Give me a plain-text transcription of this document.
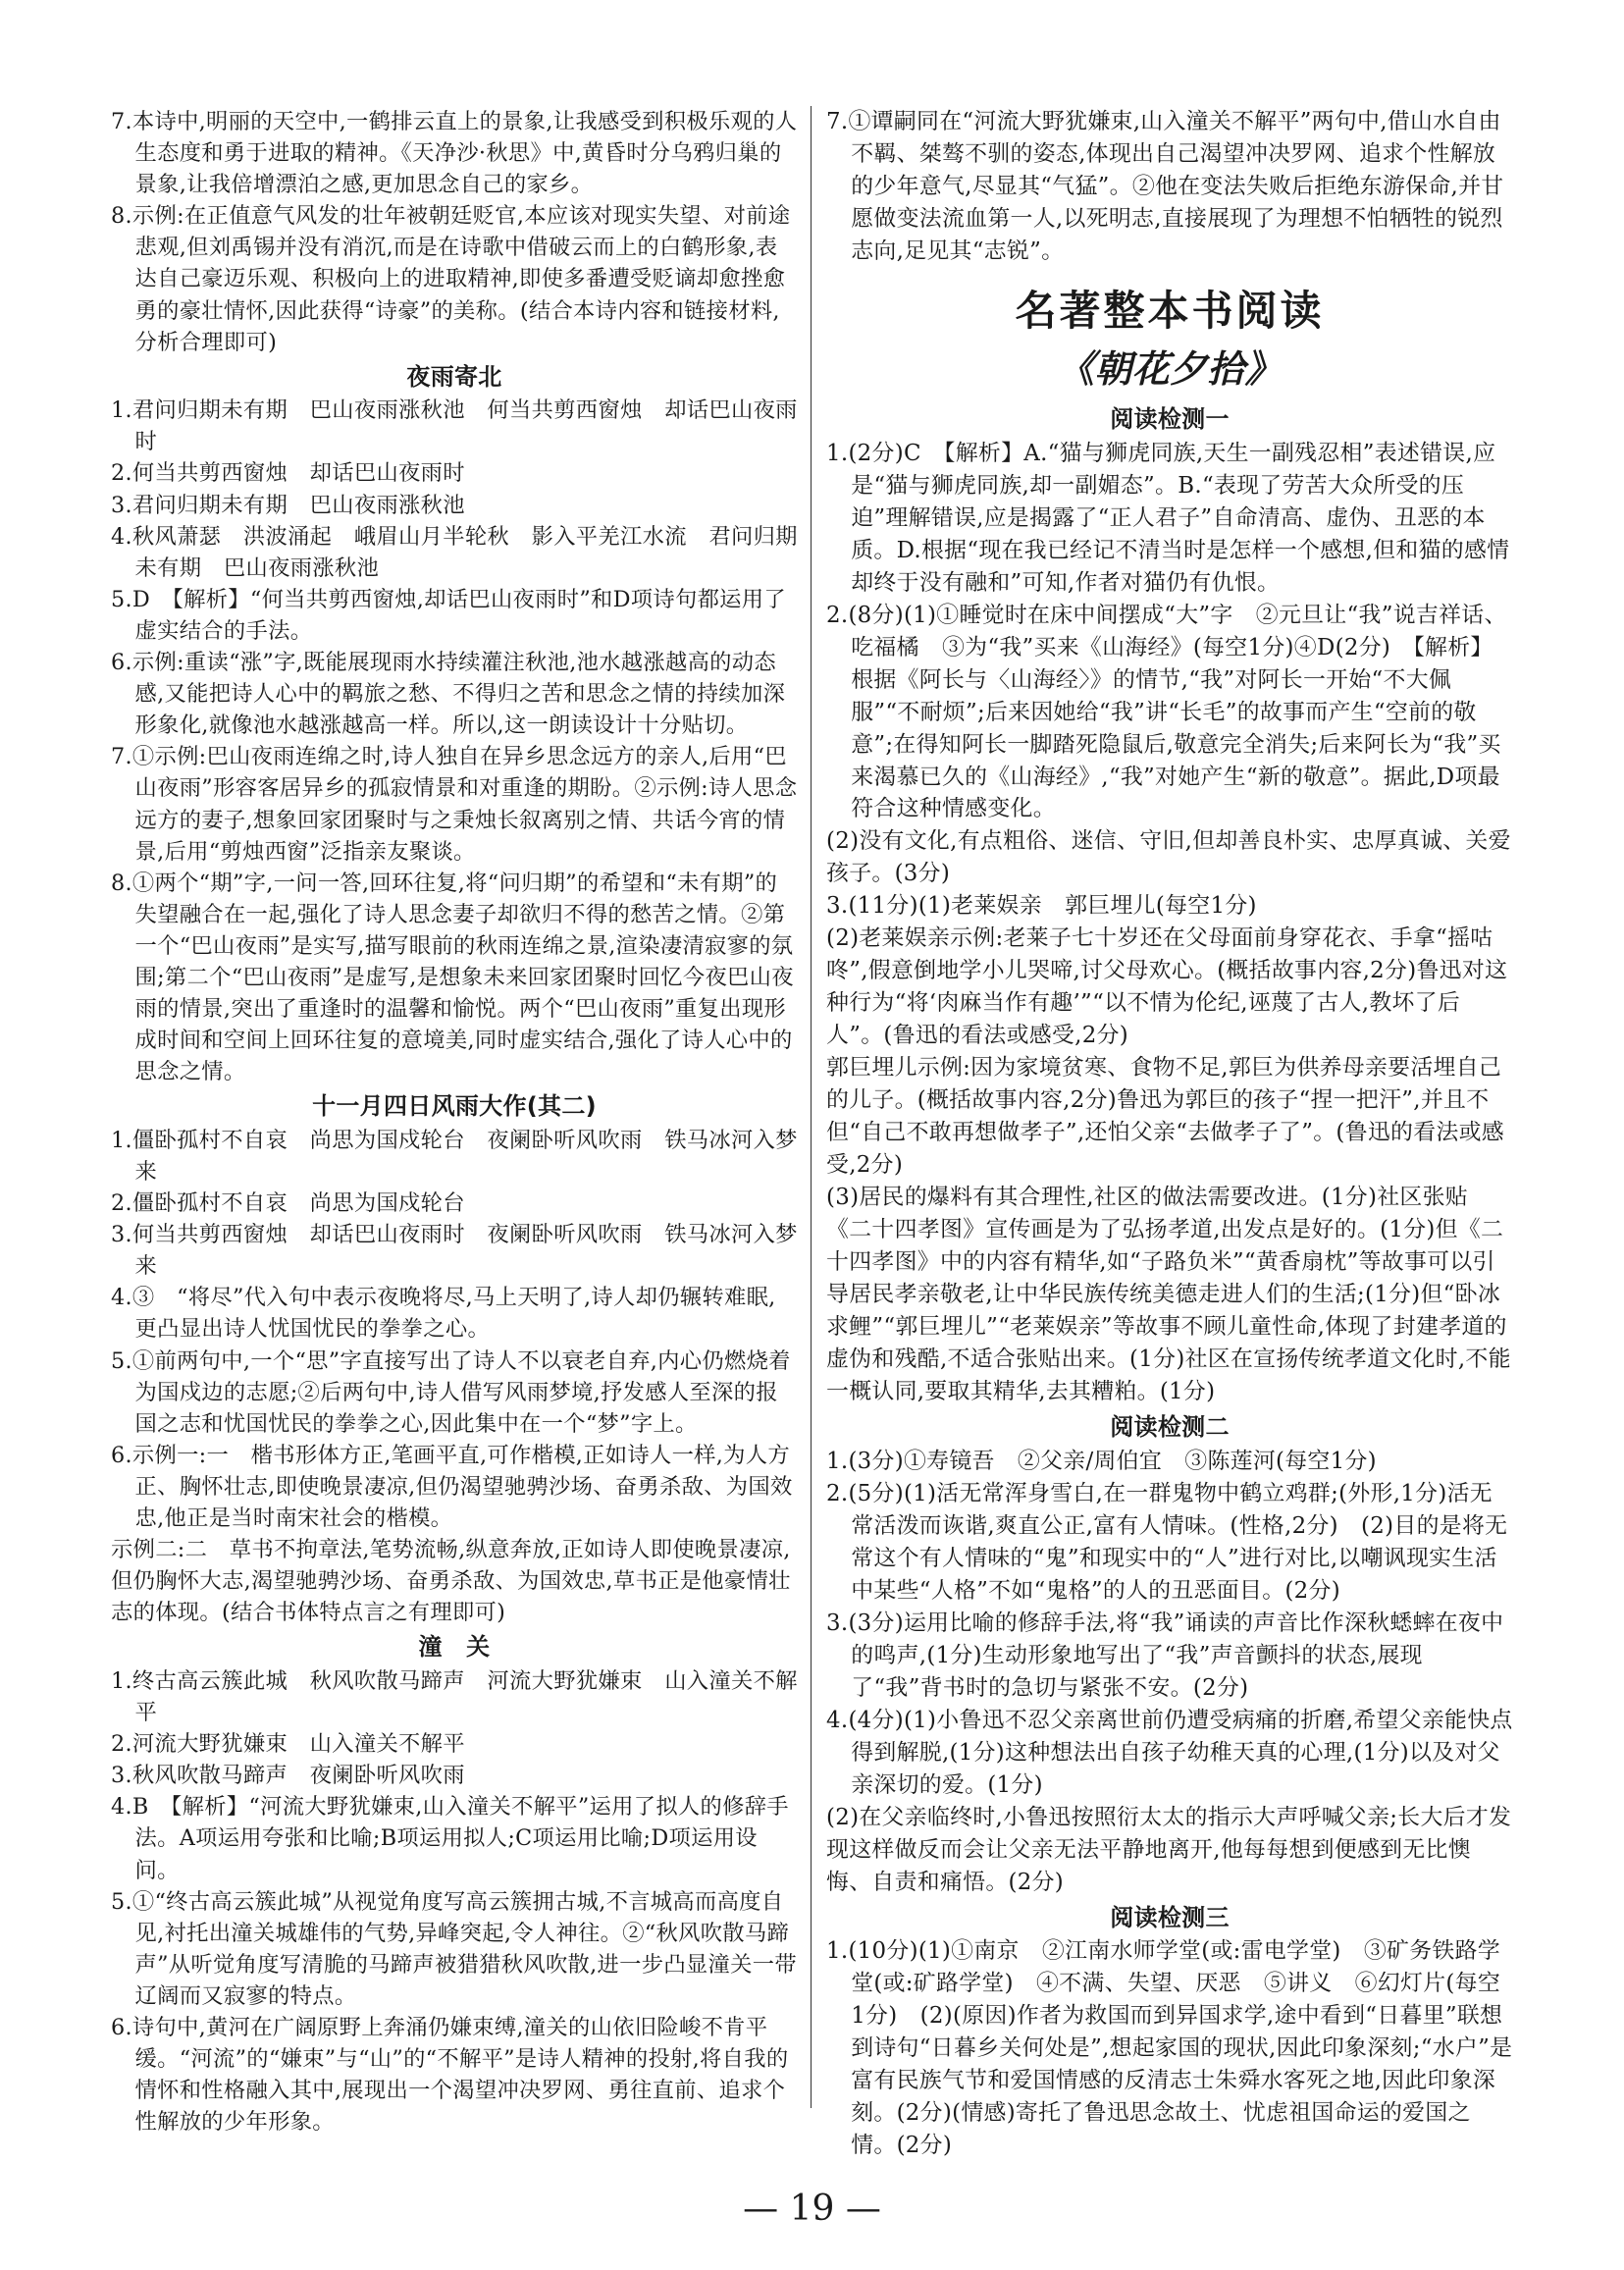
7.本诗中,明丽的天空中,一鹤排云直上的景象,让我感受到积极乐观的人生态度和勇于进取的精神。《天净沙·秋思》中,黄昏时分乌鸦归巢的景象,让我倍增漂泊之感,更加思念自己的家乡。

8.示例:在正值意气风发的壮年被朝廷贬官,本应该对现实失望、对前途悲观,但刘禹锡并没有消沉,而是在诗歌中借破云而上的白鹤形象,表达自己豪迈乐观、积极向上的进取精神,即使多番遭受贬谪却愈挫愈勇的豪壮情怀,因此获得“诗豪”的美称。(结合本诗内容和链接材料,分析合理即可)

夜雨寄北

1.君问归期未有期　巴山夜雨涨秋池　何当共剪西窗烛　却话巴山夜雨时

2.何当共剪西窗烛　却话巴山夜雨时

3.君问归期未有期　巴山夜雨涨秋池

4.秋风萧瑟　洪波涌起　峨眉山月半轮秋　影入平羌江水流　君问归期未有期　巴山夜雨涨秋池

5.D　【解析】“何当共剪西窗烛,却话巴山夜雨时”和D项诗句都运用了虚实结合的手法。

6.示例:重读“涨”字,既能展现雨水持续灌注秋池,池水越涨越高的动态感,又能把诗人心中的羁旅之愁、不得归之苦和思念之情的持续加深形象化,就像池水越涨越高一样。所以,这一朗读设计十分贴切。

7.①示例:巴山夜雨连绵之时,诗人独自在异乡思念远方的亲人,后用“巴山夜雨”形容客居异乡的孤寂情景和对重逢的期盼。②示例:诗人思念远方的妻子,想象回家团聚时与之秉烛长叙离别之情、共话今宵的情景,后用“剪烛西窗”泛指亲友聚谈。

8.①两个“期”字,一问一答,回环往复,将“问归期”的希望和“未有期”的失望融合在一起,强化了诗人思念妻子却欲归不得的愁苦之情。②第一个“巴山夜雨”是实写,描写眼前的秋雨连绵之景,渲染凄清寂寥的氛围;第二个“巴山夜雨”是虚写,是想象未来回家团聚时回忆今夜巴山夜雨的情景,突出了重逢时的温馨和愉悦。两个“巴山夜雨”重复出现形成时间和空间上回环往复的意境美,同时虚实结合,强化了诗人心中的思念之情。

十一月四日风雨大作(其二)

1.僵卧孤村不自哀　尚思为国戍轮台　夜阑卧听风吹雨　铁马冰河入梦来

2.僵卧孤村不自哀　尚思为国戍轮台

3.何当共剪西窗烛　却话巴山夜雨时　夜阑卧听风吹雨　铁马冰河入梦来

4.③　“将尽”代入句中表示夜晚将尽,马上天明了,诗人却仍辗转难眠,更凸显出诗人忧国忧民的拳拳之心。

5.①前两句中,一个“思”字直接写出了诗人不以衰老自弃,内心仍燃烧着为国戍边的志愿;②后两句中,诗人借写风雨梦境,抒发感人至深的报国之志和忧国忧民的拳拳之心,因此集中在一个“梦”字上。

6.示例一:一　楷书形体方正,笔画平直,可作楷模,正如诗人一样,为人方正、胸怀壮志,即使晚景凄凉,但仍渴望驰骋沙场、奋勇杀敌、为国效忠,他正是当时南宋社会的楷模。

示例二:二　草书不拘章法,笔势流畅,纵意奔放,正如诗人即使晚景凄凉,但仍胸怀大志,渴望驰骋沙场、奋勇杀敌、为国效忠,草书正是他豪情壮志的体现。(结合书体特点言之有理即可)

潼　关

1.终古高云簇此城　秋风吹散马蹄声　河流大野犹嫌束　山入潼关不解平

2.河流大野犹嫌束　山入潼关不解平

3.秋风吹散马蹄声　夜阑卧听风吹雨

4.B　【解析】“河流大野犹嫌束,山入潼关不解平”运用了拟人的修辞手法。A项运用夸张和比喻;B项运用拟人;C项运用比喻;D项运用设问。

5.①“终古高云簇此城”从视觉角度写高云簇拥古城,不言城高而高度自见,衬托出潼关城雄伟的气势,异峰突起,令人神往。②“秋风吹散马蹄声”从听觉角度写清脆的马蹄声被猎猎秋风吹散,进一步凸显潼关一带辽阔而又寂寥的特点。

6.诗句中,黄河在广阔原野上奔涌仍嫌束缚,潼关的山依旧险峻不肯平缓。“河流”的“嫌束”与“山”的“不解平”是诗人精神的投射,将自我的情怀和性格融入其中,展现出一个渴望冲决罗网、勇往直前、追求个性解放的少年形象。

7.①谭嗣同在“河流大野犹嫌束,山入潼关不解平”两句中,借山水自由不羁、桀骜不驯的姿态,体现出自己渴望冲决罗网、追求个性解放的少年意气,尽显其“气猛”。②他在变法失败后拒绝东游保命,并甘愿做变法流血第一人,以死明志,直接展现了为理想不怕牺牲的锐烈志向,足见其“志锐”。

名著整本书阅读
《朝花夕拾》
阅读检测一

1.(2分)C　【解析】A.“猫与狮虎同族,天生一副残忍相”表述错误,应是“猫与狮虎同族,却一副媚态”。B.“表现了劳苦大众所受的压迫”理解错误,应是揭露了“正人君子”自命清高、虚伪、丑恶的本质。D.根据“现在我已经记不清当时是怎样一个感想,但和猫的感情却终于没有融和”可知,作者对猫仍有仇恨。

2.(8分)(1)①睡觉时在床中间摆成“大”字　②元旦让“我”说吉祥话、吃福橘　③为“我”买来《山海经》(每空1分)④D(2分)　【解析】根据《阿长与〈山海经〉》的情节,“我”对阿长一开始“不大佩服”“不耐烦”;后来因她给“我”讲“长毛”的故事而产生“空前的敬意”;在得知阿长一脚踏死隐鼠后,敬意完全消失;后来阿长为“我”买来渴慕已久的《山海经》,“我”对她产生“新的敬意”。据此,D项最符合这种情感变化。

(2)没有文化,有点粗俗、迷信、守旧,但却善良朴实、忠厚真诚、关爱孩子。(3分)

3.(11分)(1)老莱娱亲　郭巨埋儿(每空1分)

(2)老莱娱亲示例:老莱子七十岁还在父母面前身穿花衣、手拿“摇咕咚”,假意倒地学小儿哭啼,讨父母欢心。(概括故事内容,2分)鲁迅对这种行为“将‘肉麻当作有趣’”“以不情为伦纪,诬蔑了古人,教坏了后人”。(鲁迅的看法或感受,2分)

郭巨埋儿示例:因为家境贫寒、食物不足,郭巨为供养母亲要活埋自己的儿子。(概括故事内容,2分)鲁迅为郭巨的孩子“捏一把汗”,并且不但“自己不敢再想做孝子”,还怕父亲“去做孝子了”。(鲁迅的看法或感受,2分)

(3)居民的爆料有其合理性,社区的做法需要改进。(1分)社区张贴《二十四孝图》宣传画是为了弘扬孝道,出发点是好的。(1分)但《二十四孝图》中的内容有精华,如“子路负米”“黄香扇枕”等故事可以引导居民孝亲敬老,让中华民族传统美德走进人们的生活;(1分)但“卧冰求鲤”“郭巨埋儿”“老莱娱亲”等故事不顾儿童性命,体现了封建孝道的虚伪和残酷,不适合张贴出来。(1分)社区在宣扬传统孝道文化时,不能一概认同,要取其精华,去其糟粕。(1分)

阅读检测二

1.(3分)①寿镜吾　②父亲/周伯宜　③陈莲河(每空1分)

2.(5分)(1)活无常浑身雪白,在一群鬼物中鹤立鸡群;(外形,1分)活无常活泼而诙谐,爽直公正,富有人情味。(性格,2分)　(2)目的是将无常这个有人情味的“鬼”和现实中的“人”进行对比,以嘲讽现实生活中某些“人格”不如“鬼格”的人的丑恶面目。(2分)

3.(3分)运用比喻的修辞手法,将“我”诵读的声音比作深秋蟋蟀在夜中的鸣声,(1分)生动形象地写出了“我”声音颤抖的状态,展现了“我”背书时的急切与紧张不安。(2分)

4.(4分)(1)小鲁迅不忍父亲离世前仍遭受病痛的折磨,希望父亲能快点得到解脱,(1分)这种想法出自孩子幼稚天真的心理,(1分)以及对父亲深切的爱。(1分)

(2)在父亲临终时,小鲁迅按照衍太太的指示大声呼喊父亲;长大后才发现这样做反而会让父亲无法平静地离开,他每每想到便感到无比懊悔、自责和痛悟。(2分)

阅读检测三

1.(10分)(1)①南京　②江南水师学堂(或:雷电学堂)　③矿务铁路学堂(或:矿路学堂)　④不满、失望、厌恶　⑤讲义　⑥幻灯片(每空1分)　(2)(原因)作者为救国而到异国求学,途中看到“日暮里”联想到诗句“日暮乡关何处是”,想起家国的现状,因此印象深刻;“水户”是富有民族气节和爱国情感的反清志士朱舜水客死之地,因此印象深刻。(2分)(情感)寄托了鲁迅思念故土、忧虑祖国命运的爱国之情。(2分)

— 19 —
